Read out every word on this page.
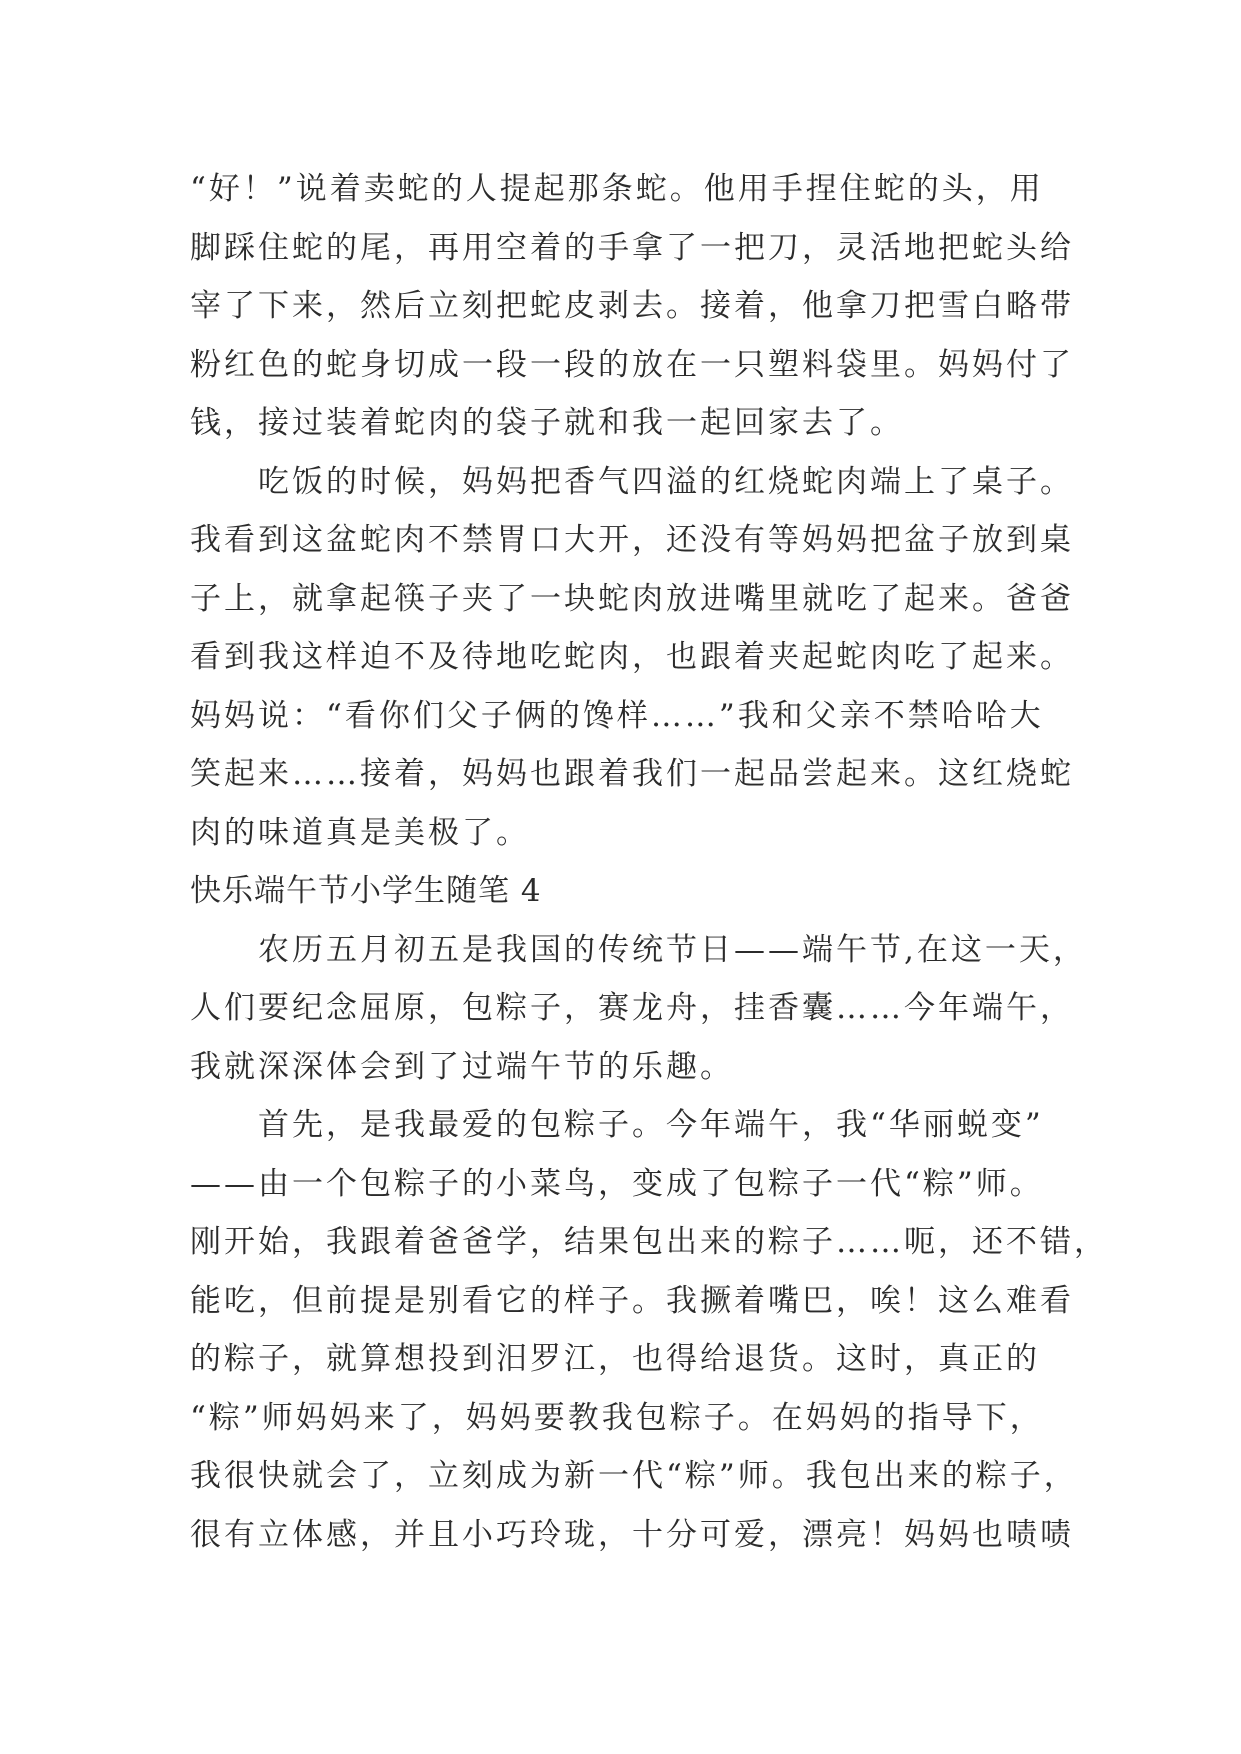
“好！”说着卖蛇的人提起那条蛇。他用手捏住蛇的头，用
脚踩住蛇的尾，再用空着的手拿了一把刀，灵活地把蛇头给
宰了下来，然后立刻把蛇皮剥去。接着，他拿刀把雪白略带
粉红色的蛇身切成一段一段的放在一只塑料袋里。妈妈付了
钱，接过装着蛇肉的袋子就和我一起回家去了。
　　吃饭的时候，妈妈把香气四溢的红烧蛇肉端上了桌子。
我看到这盆蛇肉不禁胃口大开，还没有等妈妈把盆子放到桌
子上，就拿起筷子夹了一块蛇肉放进嘴里就吃了起来。爸爸
看到我这样迫不及待地吃蛇肉，也跟着夹起蛇肉吃了起来。
妈妈说：“看你们父子俩的馋样……”我和父亲不禁哈哈大
笑起来……接着，妈妈也跟着我们一起品尝起来。这红烧蛇
肉的味道真是美极了。
快乐端午节小学生随笔 4
　　农历五月初五是我国的传统节日——端午节,在这一天，
人们要纪念屈原，包粽子，赛龙舟，挂香囊……今年端午，
我就深深体会到了过端午节的乐趣。
　　首先，是我最爱的包粽子。今年端午，我“华丽蜕变”
——由一个包粽子的小菜鸟，变成了包粽子一代“粽”师。
刚开始，我跟着爸爸学，结果包出来的粽子……呃，还不错，
能吃，但前提是别看它的样子。我撅着嘴巴，唉！这么难看
的粽子，就算想投到汨罗江，也得给退货。这时，真正的
“粽”师妈妈来了，妈妈要教我包粽子。在妈妈的指导下，
我很快就会了，立刻成为新一代“粽”师。我包出来的粽子，
很有立体感，并且小巧玲珑，十分可爱，漂亮！妈妈也啧啧
